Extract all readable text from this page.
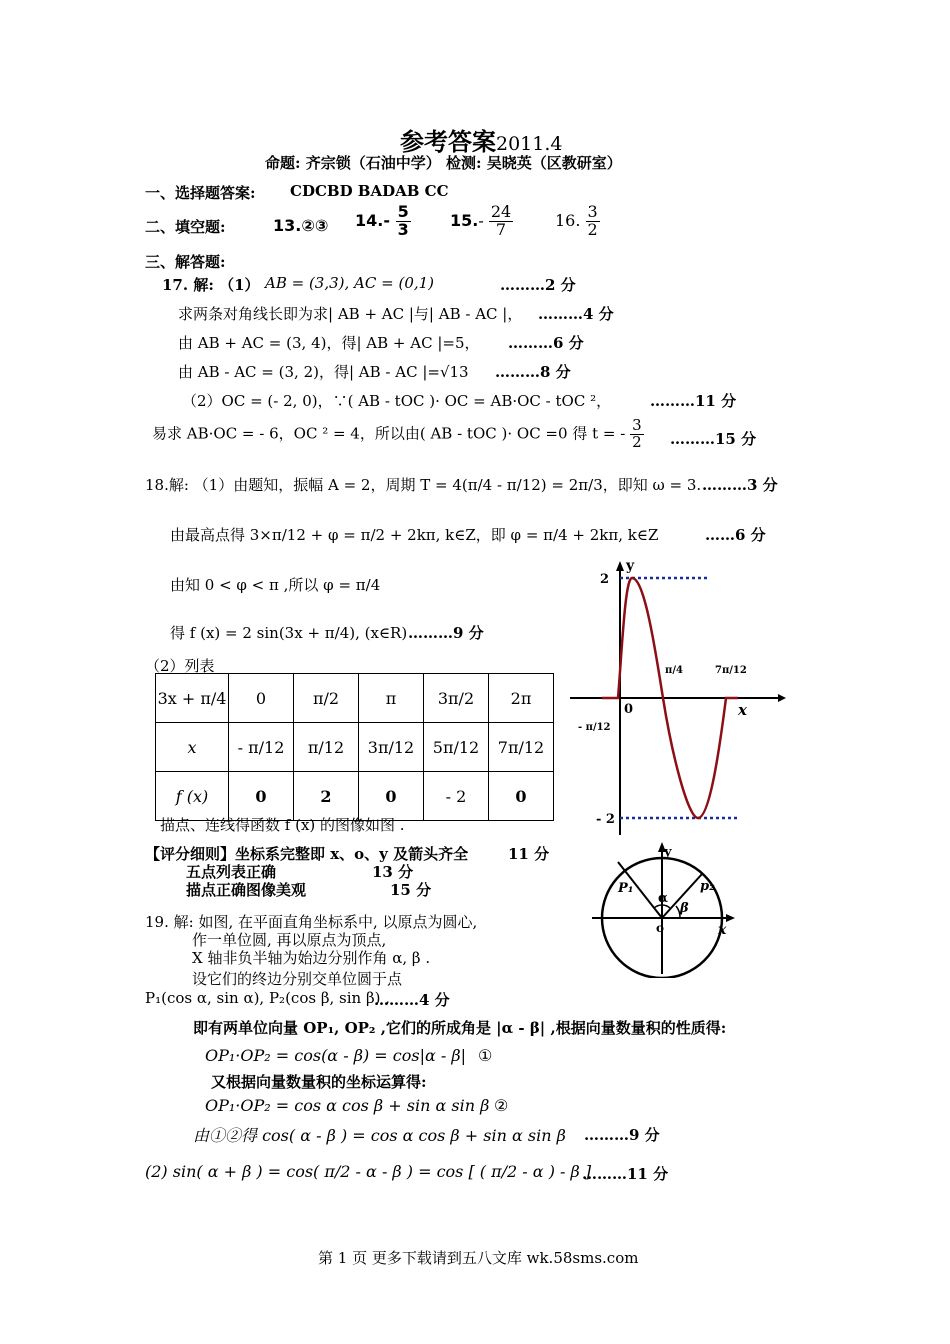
参考答案2011.4
命题: 齐宗锁（石油中学） 检测: 吴晓英（区教研室）
一、选择题答案: CDCBD BADAB CC
二、填空题:	13.②③ $14.- \frac{5}{3} 15.- \frac{24}{7}$	16. $\frac{3}{2}$
三、解答题:
17. 解: （1） AB = (3,3), AC = (0,1)	………2 分
求两条对角线长即为求| AB + AC |与| AB - AC |， ………4 分
由 AB + AC = (3, 4)，得| AB + AC |=5， ………6 分
由 AB - AC = (3, 2)，得| AB - AC |=√13 ………8 分
（2）OC = (- 2, 0)，∵( AB - tOC )· OC = AB·OC - tOC ²，	………11 分
易求 AB·OC = - 6，OC ² = 4，所以由( AB - tOC )· OC =0 得 t = - $\frac{3}{2}$ ………15 分
18.解: （1）由题知，振幅 A = 2，周期 T = 4(π/4 - π/12) = 2π/3，即知 ω = 3. ………3 分
由最高点得 3×π/12 + φ = π/2 + 2kπ, k∈Z，即 φ = π/4 + 2kπ, k∈Z	……6 分
由知 0 < φ < π ,所以 φ = π/4
得 f (x) = 2 sin(3x + π/4), (x∈R) ………9 分
（2）列表
3x + π/4	0	π/2	π	3π/2	2π
x	- π/12	π/12	3π/12	5π/12	7π/12
f (x)	0	2	0	- 2	0
描点、连线得函数 f (x) 的图像如图 .
2
- 2
y
x
0
π/4	7π/12
- π/12
【评分细则】坐标系完整即 x、o、y 及箭头齐全	11 分
五点列表正确	13 分
描点正确图像美观	15 分
y
x
o
P₁	p₂
α
β
19. 解: 如图, 在平面直角坐标系中, 以原点为圆心,
作一单位圆, 再以原点为顶点,
X 轴非负半轴为始边分别作角 α, β .
设它们的终边分别交单位圆于点
P₁(cos α, sin α), P₂(cos β, sin β) ,
………4 分
即有两单位向量 OP₁, OP₂ ,它们的所成角是 |α - β| ,根据向量数量积的性质得:
OP₁·OP₂ = cos(α - β) = cos|α - β| ①
又根据向量数量积的坐标运算得:
OP₁·OP₂ = cos α cos β + sin α sin β ②
由①②得 cos( α - β ) = cos α cos β + sin α sin β ………9 分
(2) sin( α + β ) = cos( π/2 - α - β ) = cos [ ( π/2 - α ) - β ]
………11 分
第 1 页 更多下载请到五八文库 wk.58sms.com
